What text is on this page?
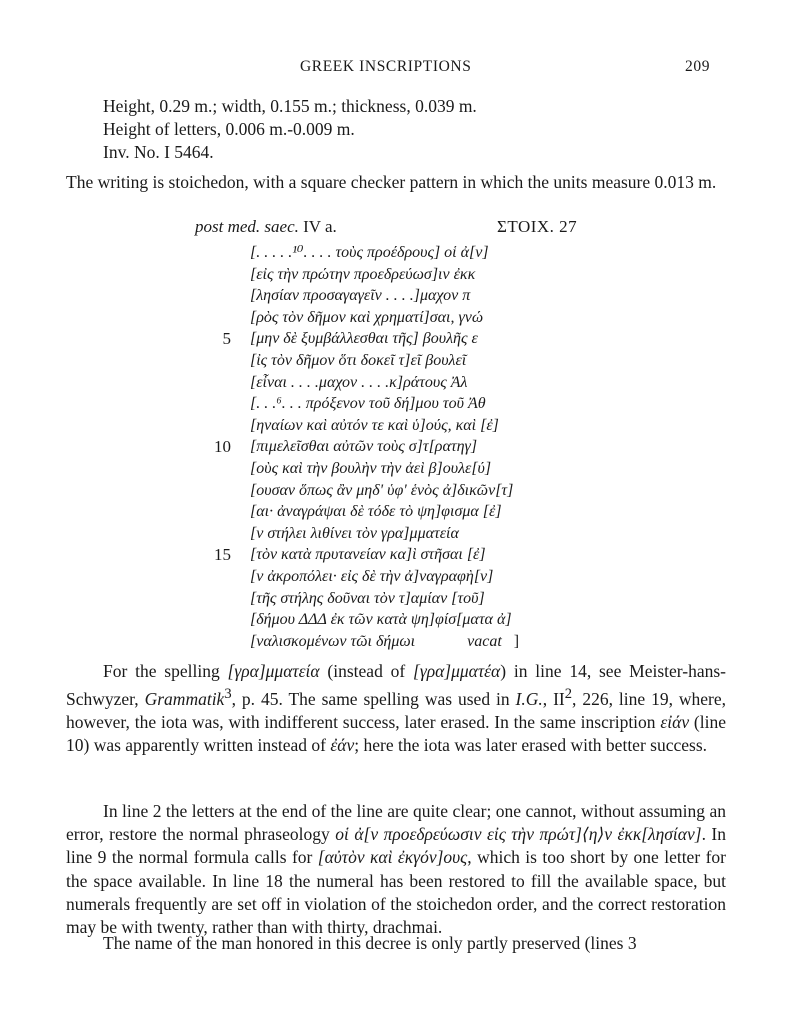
GREEK INSCRIPTIONS	209
Height, 0.29 m.; width, 0.155 m.; thickness, 0.039 m.
Height of letters, 0.006 m.-0.009 m.
Inv. No. I 5464.
The writing is stoichedon, with a square checker pattern in which the units measure 0.013 m.
post med. saec. IV a.	ΣΤΟΙΧ. 27
[. . . . .¹⁰. . . . τοὺς προέδρους] οἱ ἀ[ν]
[εἰς τὴν πρώτην προεδρεύωσ]ιν ἐκκ
[λησίαν προσαγαγεῖν . . . .]μαχον π
[ρὸς τὸν δῆμον καὶ χρηματί]σαι, γνώ
5 [μην δὲ ξυμβάλλεσθαι τῆς] βουλῆς ε
[ἰς τὸν δῆμον ὅτι δοκεῖ τ]εῖ βουλεῖ
[εἶναι . . . .μαχον . . . .κ]ράτους Ἀλ
[. . .⁶. . . πρόξενον τοῦ δή]μου τοῦ Ἀθ
[ηναίων καὶ αὐτόν τε καὶ ὑ]ούς, καὶ [ἐ]
10 [πιμελεῖσθαι αὐτῶν τοὺς σ]τ[ρατηγ]
[οὺς καὶ τὴν βουλὴν τὴν ἀεὶ β]ουλε[ύ]
[ουσαν ὅπως ἂν μηδ' ὑφ' ἑνὸς ἀ]δικῶν[τ]
[αι· ἀναγράψαι δὲ τόδε τὸ ψη]φισμα [ἐ]
[ν στήλει λιθίνει τὸν γρα]μματεία
15 [τὸν κατὰ πρυτανείαν κα]ὶ στῆσαι [ἐ]
[ν ἀκροπόλει· εἰς δὲ τὴν ἀ]ναγραφὴ[ν]
[τῆς στήλης δοῦναι τὸν τ]αμίαν [τοῦ]
[δήμου ΔΔΔ ἐκ τῶν κατὰ ψη]φίσ[ματα ἀ]
[ναλισκομένων τῶι δήμωι	vacat ]
For the spelling [γρα]μματεία (instead of [γρα]μματέα) in line 14, see Meister-hans-Schwyzer, Grammatik$^3$, p. 45. The same spelling was used in I.G., $II^2$, 226, line 19, where, however, the iota was, with indifferent success, later erased. In the same inscription εἰάν (line 10) was apparently written instead of ἐάν; here the iota was later erased with better success.
In line 2 the letters at the end of the line are quite clear; one cannot, without assuming an error, restore the normal phraseology οἱ ἀ[ν προεδρεύωσιν εἰς τὴν πρώτ]⟨η⟩ν ἐκκ[λησίαν]. In line 9 the normal formula calls for [αὐτὸν καὶ ἐκγόν]ους, which is too short by one letter for the space available. In line 18 the numeral has been restored to fill the available space, but numerals frequently are set off in violation of the stoichedon order, and the correct restoration may be with twenty, rather than with thirty, drachmai.
The name of the man honored in this decree is only partly preserved (lines 3
